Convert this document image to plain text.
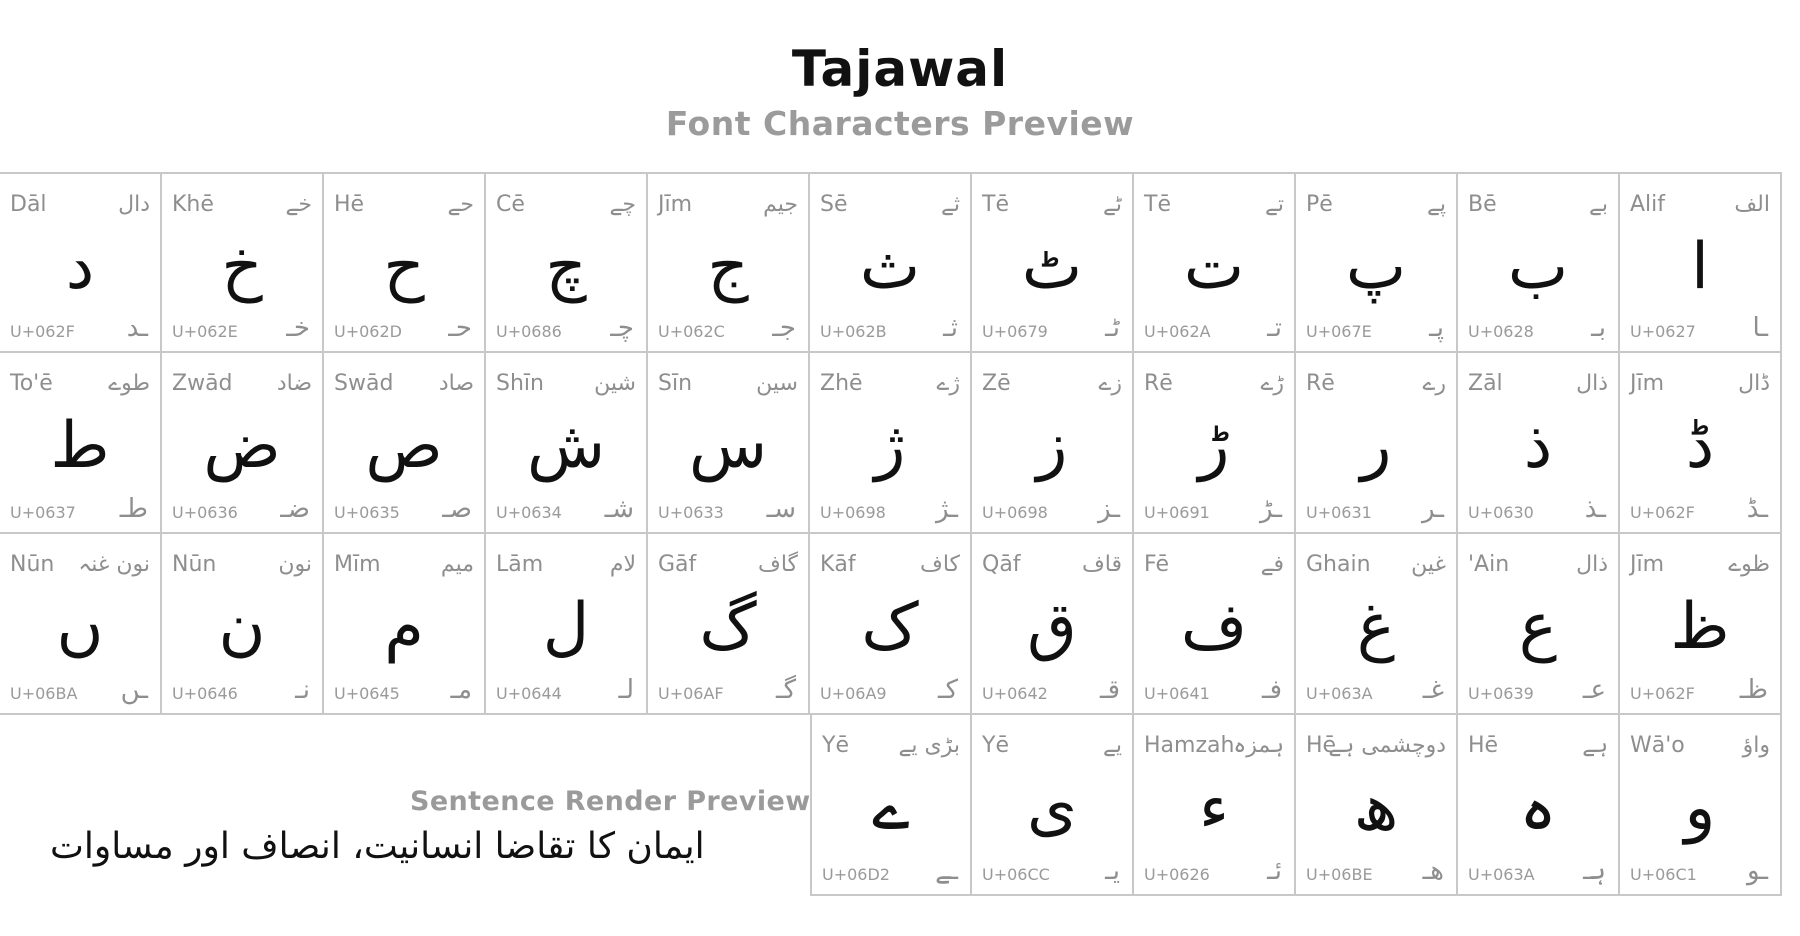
Tajawal
Font Characters Preview
Dāl	دال
د
U+062F ـد
Khē	خے
خ
U+062E خـ
Hē	حے
ح
U+062D حـ
Cē	چے
چ
U+0686 چـ
Jīm	جیم
ج
U+062C جـ
Sē	ثے
ث
U+062B ثـ
Tē	ٹے
ٹ
U+0679 ٹـ
Tē	تے
ت
U+062A تـ
Pē	پے
پ
U+067E پـ
Bē	بے
ب
U+0628 بـ
Alif	الف
ا
U+0627 ـا
To'ē	طوے
ط
U+0637 طـ
Zwād ضاد
ض
U+0636 ضـ
Swād صاد
ص
U+0635 صـ
Shīn شین
ش
U+0634 شـ
Sīn	سین
س
U+0633 سـ
Zhē	ژے
ژ
U+0698 ـژ
Zē	زے
ز
U+0698 ـز
Rē	ڑے
ڑ
U+0691 ـڑ
Rē	رے
ر
U+0631 ـر
Zāl	ذال
ذ
U+0630 ـذ
Jīm	ڈال
ڈ
U+062F ـڈ
Nūn نون غنہ
ں
U+06BA ـں
Nūn	نون
ن
U+0646 نـ
Mīm	میم
م
U+0645 مـ
Lām	لام
ل
U+0644 لـ
Gāf	گاف
گ
U+06AF گـ
Kāf	کاف
ک
U+06A9 کـ
Qāf	قاف
ق
U+0642 قـ
Fē	فے
ف
U+0641 فـ
Ghain غین
غ
U+063A غـ
'Ain	ذال
ع
U+0639 عـ
Jīm	ظوے
ظ
U+062F ظـ
Yē بڑی یے
ے
U+06D2 ـے
Yē	یے
ی
U+06CC یـ
Hamzah
ہمزہ
ء
U+0626 ئـ
Hē
دوچشمی ہے
ھ
U+06BE ھـ
Hē	ہے
ہ
U+063A ہـ
Wā'o	واؤ
و
U+06C1 ـو
Sentence Render Preview
ایمان کا تقاضا انسانیت، انصاف اور مساوات
